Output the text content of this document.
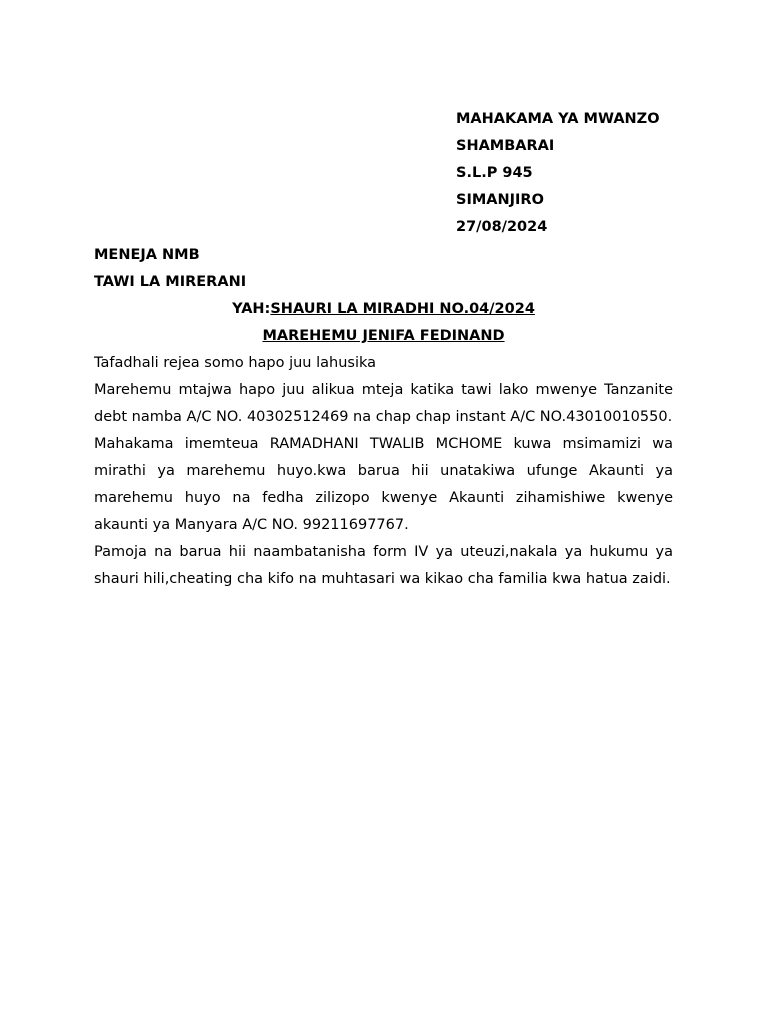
MAHAKAMA YA MWANZO
SHAMBARAI
S.L.P 945
SIMANJIRO
27/08/2024
MENEJA NMB
TAWI LA MIRERANI
YAH:SHAURI LA MIRADHI NO.04/2024
MAREHEMU JENIFA FEDINAND

Tafadhali rejea somo hapo juu lahusika

Marehemu mtajwa hapo juu alikua mteja katika tawi lako mwenye Tanzanite debt namba A/C NO. 40302512469 na chap chap instant A/C NO.43010010550.

Mahakama imemteua RAMADHANI TWALIB MCHOME kuwa msimamizi wa mirathi ya marehemu huyo.kwa barua hii unatakiwa ufunge Akaunti ya marehemu huyo na fedha zilizopo kwenye Akaunti zihamishiwe kwenye akaunti ya Manyara A/C NO. 99211697767.

Pamoja na barua hii naambatanisha form IV ya uteuzi,nakala ya hukumu ya shauri hili,cheating cha kifo na muhtasari wa kikao cha familia kwa hatua zaidi.
